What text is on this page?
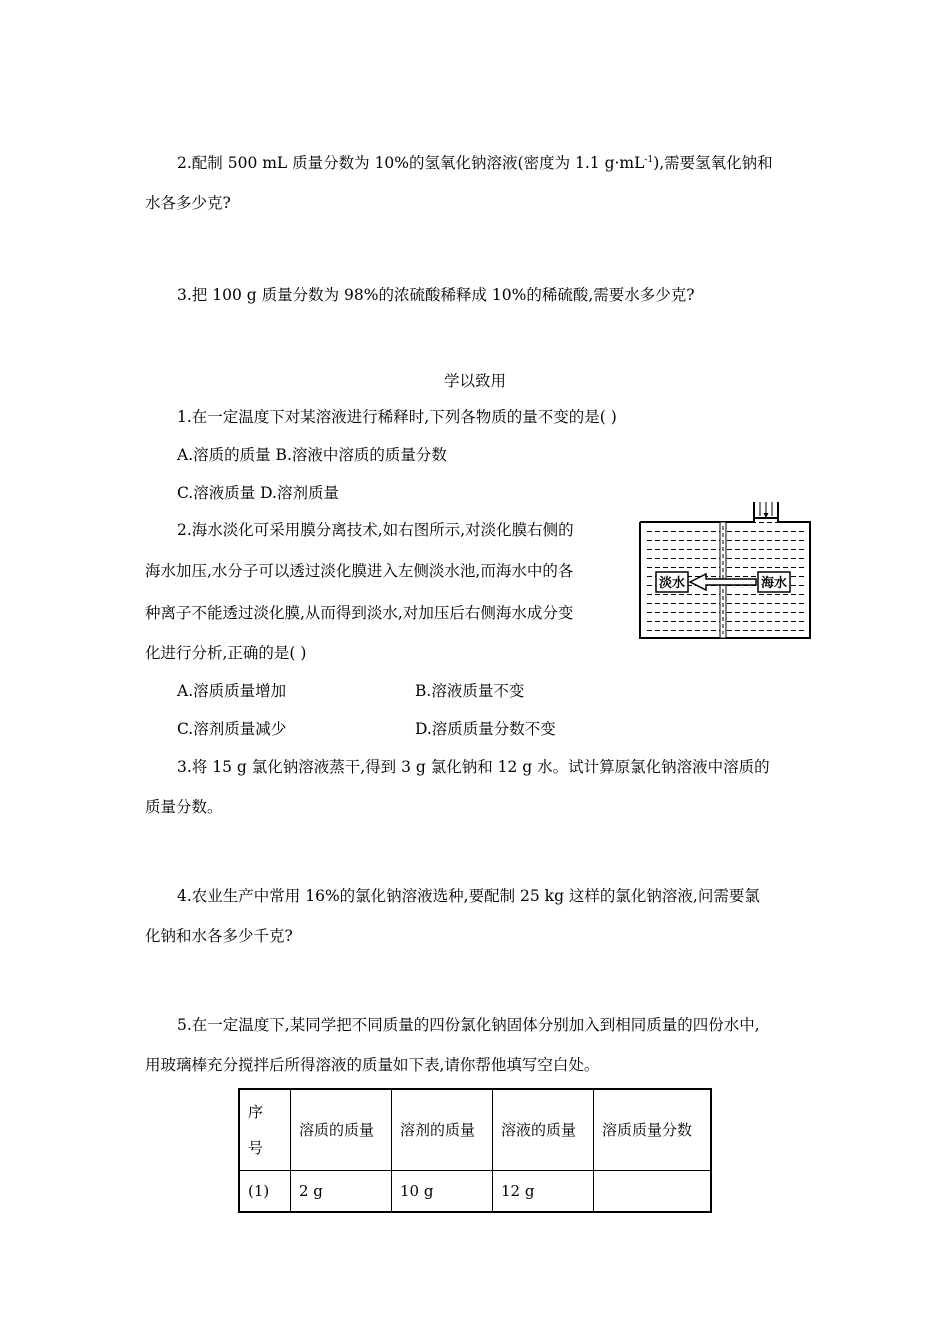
2.配制 500 mL 质量分数为 10%的氢氧化钠溶液(密度为 1.1 $g\cdot mL^{-1}$),需要氢氧化钠和
水各多少克?
3.把 100 g 质量分数为 98%的浓硫酸稀释成 10%的稀硫酸,需要水多少克?
学以致用
1.在一定温度下对某溶液进行稀释时,下列各物质的量不变的是( )
A.溶质的质量 B.溶液中溶质的质量分数
C.溶液质量 D.溶剂质量
2.海水淡化可采用膜分离技术,如右图所示,对淡化膜右侧的
海水加压,水分子可以透过淡化膜进入左侧淡水池,而海水中的各
种离子不能透过淡化膜,从而得到淡水,对加压后右侧海水成分变
化进行分析,正确的是( )
淡水	海水
A.溶质质量增加	B.溶液质量不变
C.溶剂质量减少	D.溶质质量分数不变
3.将 15 g 氯化钠溶液蒸干,得到 3 g 氯化钠和 12 g 水。试计算原氯化钠溶液中溶质的
质量分数。
4.农业生产中常用 16%的氯化钠溶液选种,要配制 25 kg 这样的氯化钠溶液,问需要氯
化钠和水各多少千克?
5.在一定温度下,某同学把不同质量的四份氯化钠固体分别加入到相同质量的四份水中,
用玻璃棒充分搅拌后所得溶液的质量如下表,请你帮他填写空白处。
序
号	溶质的质量	溶剂的质量	溶液的质量	溶质质量分数
(1)	2 g	10 g	12 g	
